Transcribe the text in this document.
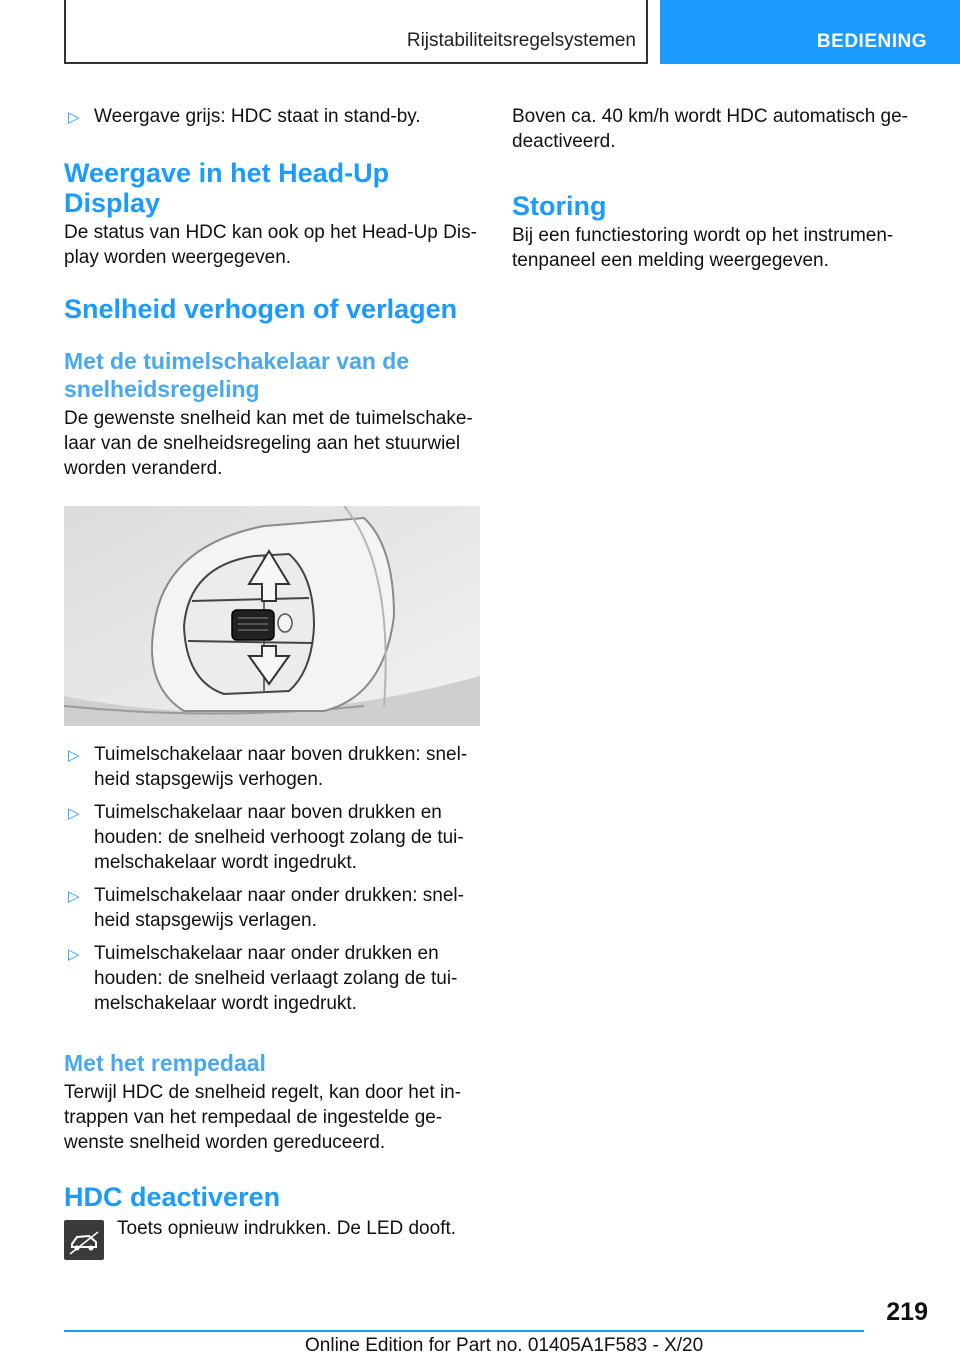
Rijstabiliteitsregelsystemen	BEDIENING
▷ Weergave grijs: HDC staat in stand-by.
Weergave in het Head-Up Display

De status van HDC kan ook op het Head-Up Dis-play worden weergegeven.

Snelheid verhogen of verlagen
Met de tuimelschakelaar van de snelheidsregeling

De gewenste snelheid kan met de tuimelschake-laar van de snelheidsregeling aan het stuurwiel worden veranderd.

▷ Tuimelschakelaar naar boven drukken: snel-heid stapsgewijs verhogen.
▷ Tuimelschakelaar naar boven drukken en houden: de snelheid verhoogt zolang de tui-melschakelaar wordt ingedrukt.
▷ Tuimelschakelaar naar onder drukken: snel-heid stapsgewijs verlagen.
▷ Tuimelschakelaar naar onder drukken en houden: de snelheid verlaagt zolang de tui-melschakelaar wordt ingedrukt.
Met het rempedaal

Terwijl HDC de snelheid regelt, kan door het in-trappen van het rempedaal de ingestelde ge-wenste snelheid worden gereduceerd.

HDC deactiveren

Toets opnieuw indrukken. De LED dooft.

Boven ca. 40 km/h wordt HDC automatisch ge-deactiveerd.

Storing

Bij een functiestoring wordt op het instrumen-tenpaneel een melding weergegeven.

219
Online Edition for Part no. 01405A1F583 - X/20
